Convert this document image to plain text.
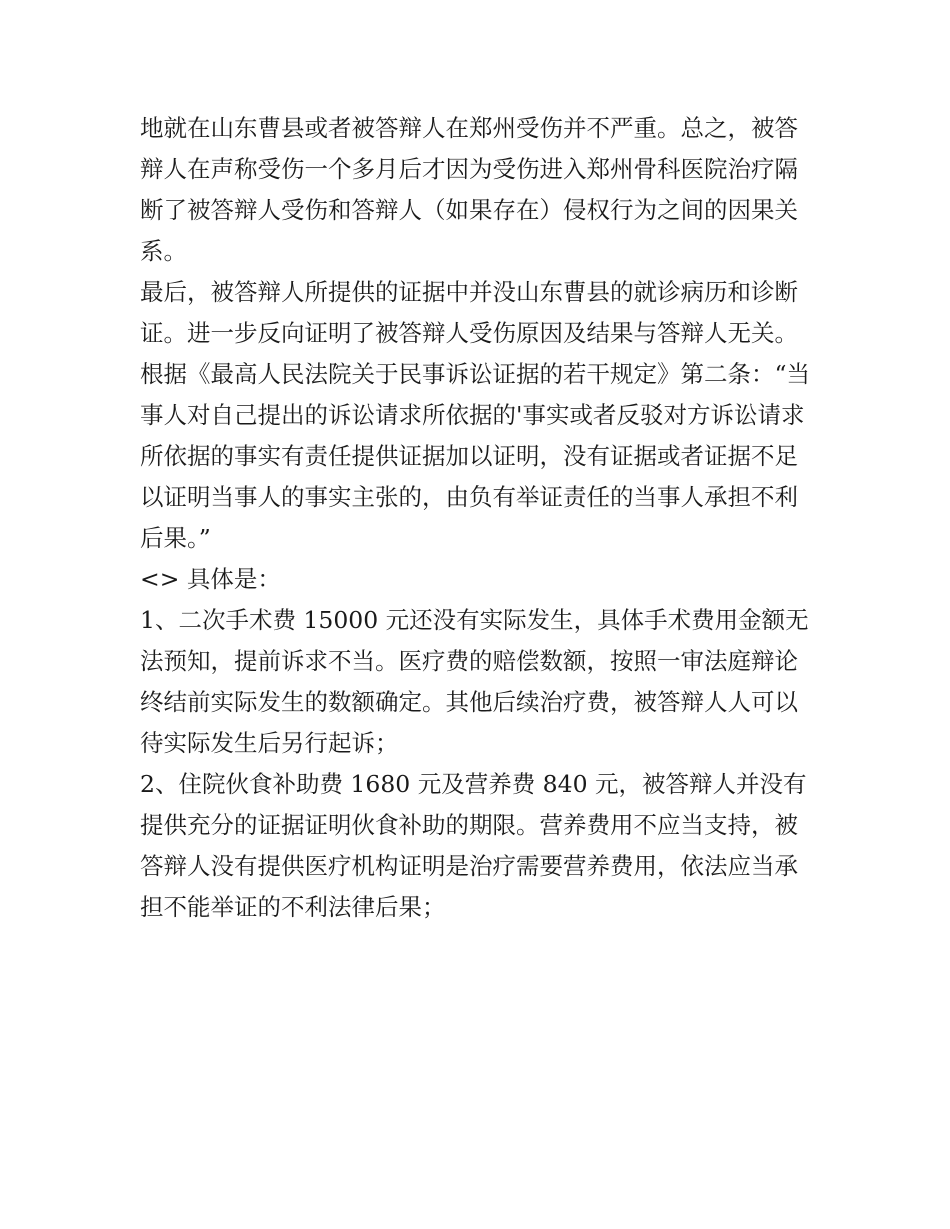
地就在山东曹县或者被答辩人在郑州受伤并不严重。总之，被答辩人在声称受伤一个多月后才因为受伤进入郑州骨科医院治疗隔断了被答辩人受伤和答辩人（如果存在）侵权行为之间的因果关系。

最后，被答辩人所提供的证据中并没山东曹县的就诊病历和诊断证。进一步反向证明了被答辩人受伤原因及结果与答辩人无关。根据《最高人民法院关于民事诉讼证据的若干规定》第二条：“当事人对自己提出的诉讼请求所依据的'事实或者反驳对方诉讼请求所依据的事实有责任提供证据加以证明，没有证据或者证据不足以证明当事人的事实主张的，由负有举证责任的当事人承担不利后果。”

<> 具体是：

1、二次手术费 15000 元还没有实际发生，具体手术费用金额无法预知，提前诉求不当。医疗费的赔偿数额，按照一审法庭辩论终结前实际发生的数额确定。其他后续治疗费，被答辩人人可以待实际发生后另行起诉；

2、住院伙食补助费 1680 元及营养费 840 元，被答辩人并没有提供充分的证据证明伙食补助的期限。营养费用不应当支持，被答辩人没有提供医疗机构证明是治疗需要营养费用，依法应当承担不能举证的不利法律后果；
